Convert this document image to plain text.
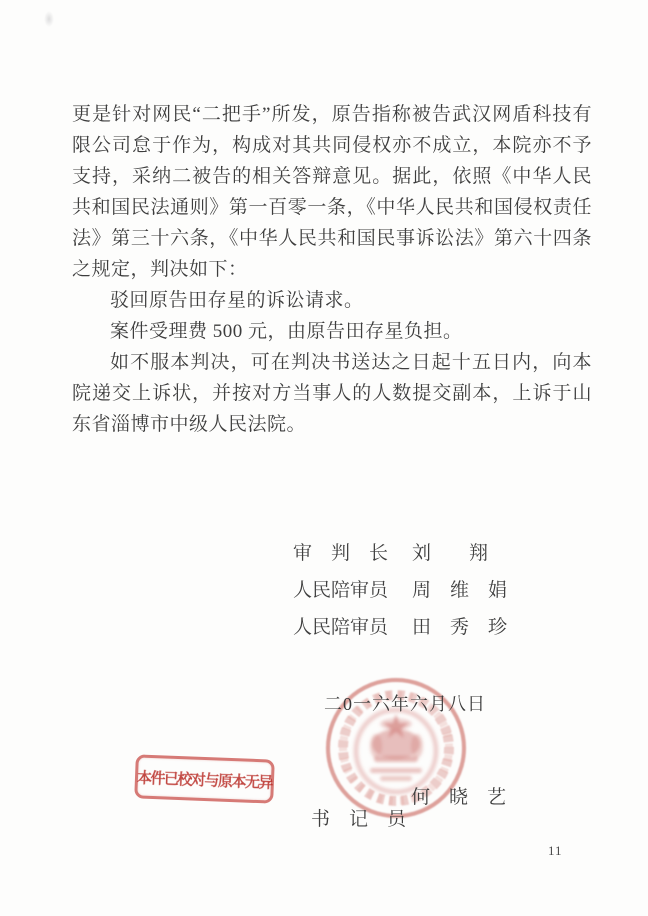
更是针对网民“二把手”所发，原告指称被告武汉网盾科技有限公司怠于作为，构成对其共同侵权亦不成立，本院亦不予支持，采纳二被告的相关答辩意见。据此，依照《中华人民共和国民法通则》第一百零一条，《中华人民共和国侵权责任法》第三十六条，《中华人民共和国民事诉讼法》第六十四条之规定，判决如下：

驳回原告田存星的诉讼请求。

案件受理费 500 元，由原告田存星负担。

如不服本判决，可在判决书送达之日起十五日内，向本院递交上诉状，并按对方当事人的人数提交副本，上诉于山东省淄博市中级人民法院。

审　判　长

刘　　翔

人民陪审员

周　维　娟

人民陪审员

田　秀　珍

二0一六年六月八日

书　记　员

何　晓　艺

本件已校对与原本无异
11
